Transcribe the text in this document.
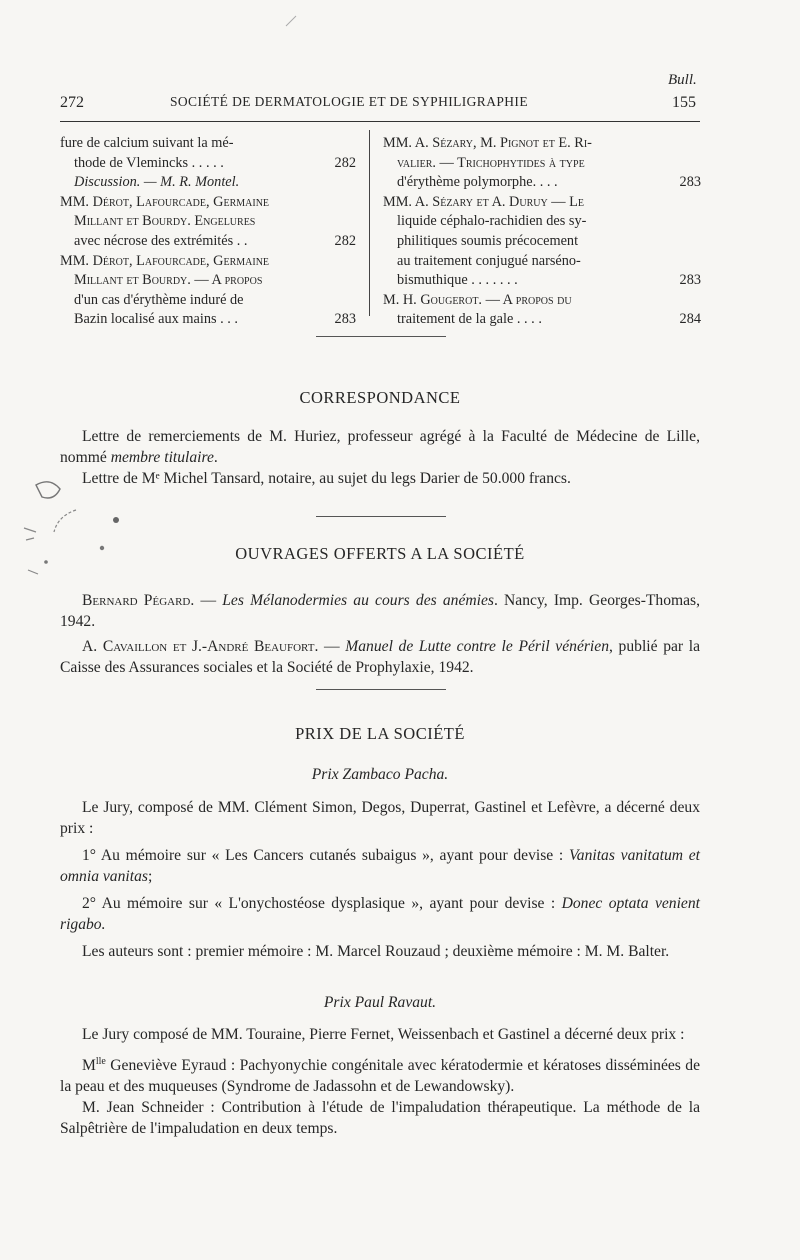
Bull.
272	SOCIÉTÉ DE DERMATOLOGIE ET DE SYPHILIGRAPHIE	155
fure de calcium suivant la mé-
thode de Vlemincks . . . . .	282
Discussion. — M. R. Montel.
MM. Dérot, Lafourcade, Germaine
Millant et Bourdy. Engelures
avec nécrose des extrémités . .	282
MM. Dérot, Lafourcade, Germaine
Millant et Bourdy. — A propos
d'un cas d'érythème induré de
Bazin localisé aux mains . . .	283
MM. A. Sézary, M. Pignot et E. Ri-
valier. — Trichophytides à type
d'érythème polymorphe. . . .	283
MM. A. Sézary et A. Duruy — Le
liquide céphalo-rachidien des sy-
philitiques soumis précocement
au traitement conjugué narséno-
bismuthique . . . . . . .	283
M. H. Gougerot. — A propos du
traitement de la gale . . . .	284
CORRESPONDANCE

Lettre de remerciements de M. Huriez, professeur agrégé à la Faculté de Médecine de Lille, nommé membre titulaire.

Lettre de Mᵉ Michel Tansard, notaire, au sujet du legs Darier de 50.000 francs.

OUVRAGES OFFERTS A LA SOCIÉTÉ

Bernard Pégard. — Les Mélanodermies au cours des anémies. Nancy, Imp. Georges-Thomas, 1942.

A. Cavaillon et J.-André Beaufort. — Manuel de Lutte contre le Péril vénérien, publié par la Caisse des Assurances sociales et la Société de Prophylaxie, 1942.

PRIX DE LA SOCIÉTÉ
Prix Zambaco Pacha.

Le Jury, composé de MM. Clément Simon, Degos, Duperrat, Gastinel et Lefèvre, a décerné deux prix :

1° Au mémoire sur « Les Cancers cutanés subaigus », ayant pour devise : Vanitas vanitatum et omnia vanitas;

2° Au mémoire sur « L'onychostéose dysplasique », ayant pour devise : Donec optata venient rigabo.

Les auteurs sont : premier mémoire : M. Marcel Rouzaud ; deuxième mémoire : M. M. Balter.

Prix Paul Ravaut.

Le Jury composé de MM. Touraine, Pierre Fernet, Weissenbach et Gastinel a décerné deux prix :

$M^{lle}$ Geneviève Eyraud : Pachyonychie congénitale avec kératodermie et kératoses disséminées de la peau et des muqueuses (Syndrome de Jadassohn et de Lewandowsky).

M. Jean Schneider : Contribution à l'étude de l'impaludation thérapeutique. La méthode de la Salpêtrière de l'impaludation en deux temps.
